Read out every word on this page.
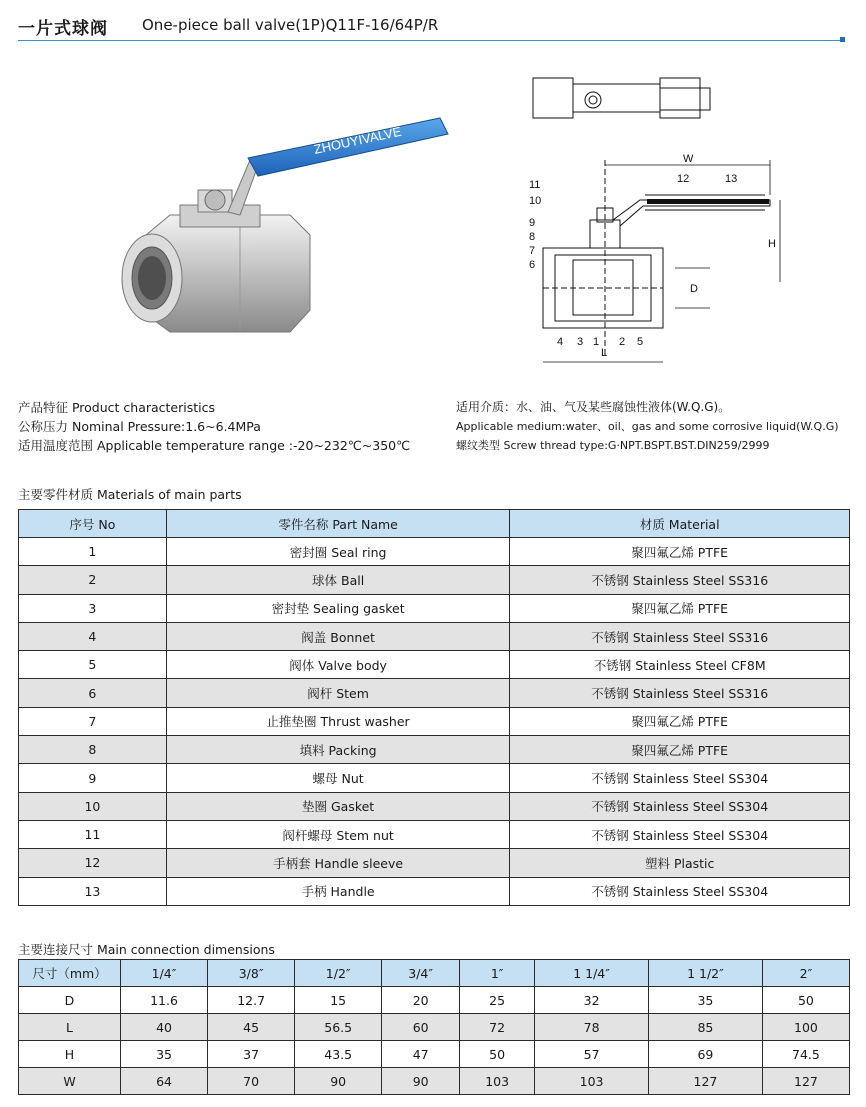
一片式球阀 One-piece ball valve(1P)Q11F-16/64P/R
ZHOUYIVALVE
W
H
D
L
11
10
9
8
7
6
12	13
4 3 1 2 5
产品特征 Product characteristics
公称压力 Nominal Pressure:1.6~6.4MPa
适用温度范围 Applicable temperature range :-20~232℃~350℃
适用介质：水、油、气及某些腐蚀性液体(W.Q.G)。
Applicable medium:water、oil、gas and some corrosive liquid(W.Q.G)
螺纹类型 Screw thread type:G·NPT.BSPT.BST.DIN259/2999
主要零件材质 Materials of main parts
序号 No	零件名称 Part Name	材质 Material
1	密封圈 Seal ring	聚四氟乙烯 PTFE
2	球体 Ball	不锈钢 Stainless Steel SS316
3	密封垫 Sealing gasket	聚四氟乙烯 PTFE
4	阀盖 Bonnet	不锈钢 Stainless Steel SS316
5	阀体 Valve body	不锈钢 Stainless Steel CF8M
6	阀杆 Stem	不锈钢 Stainless Steel SS316
7	止推垫圈 Thrust washer	聚四氟乙烯 PTFE
8	填料 Packing	聚四氟乙烯 PTFE
9	螺母 Nut	不锈钢 Stainless Steel SS304
10	垫圈 Gasket	不锈钢 Stainless Steel SS304
11	阀杆螺母 Stem nut	不锈钢 Stainless Steel SS304
12	手柄套 Handle sleeve	塑料 Plastic
13	手柄 Handle	不锈钢 Stainless Steel SS304
主要连接尺寸 Main connection dimensions
尺寸（mm）	1/4″	3/8″	1/2″	3/4″	1″	1 1/4″	1 1/2″	2″
D	11.6	12.7	15	20	25	32	35	50
L	40	45	56.5	60	72	78	85	100
H	35	37	43.5	47	50	57	69	74.5
W	64	70	90	90	103	103	127	127
